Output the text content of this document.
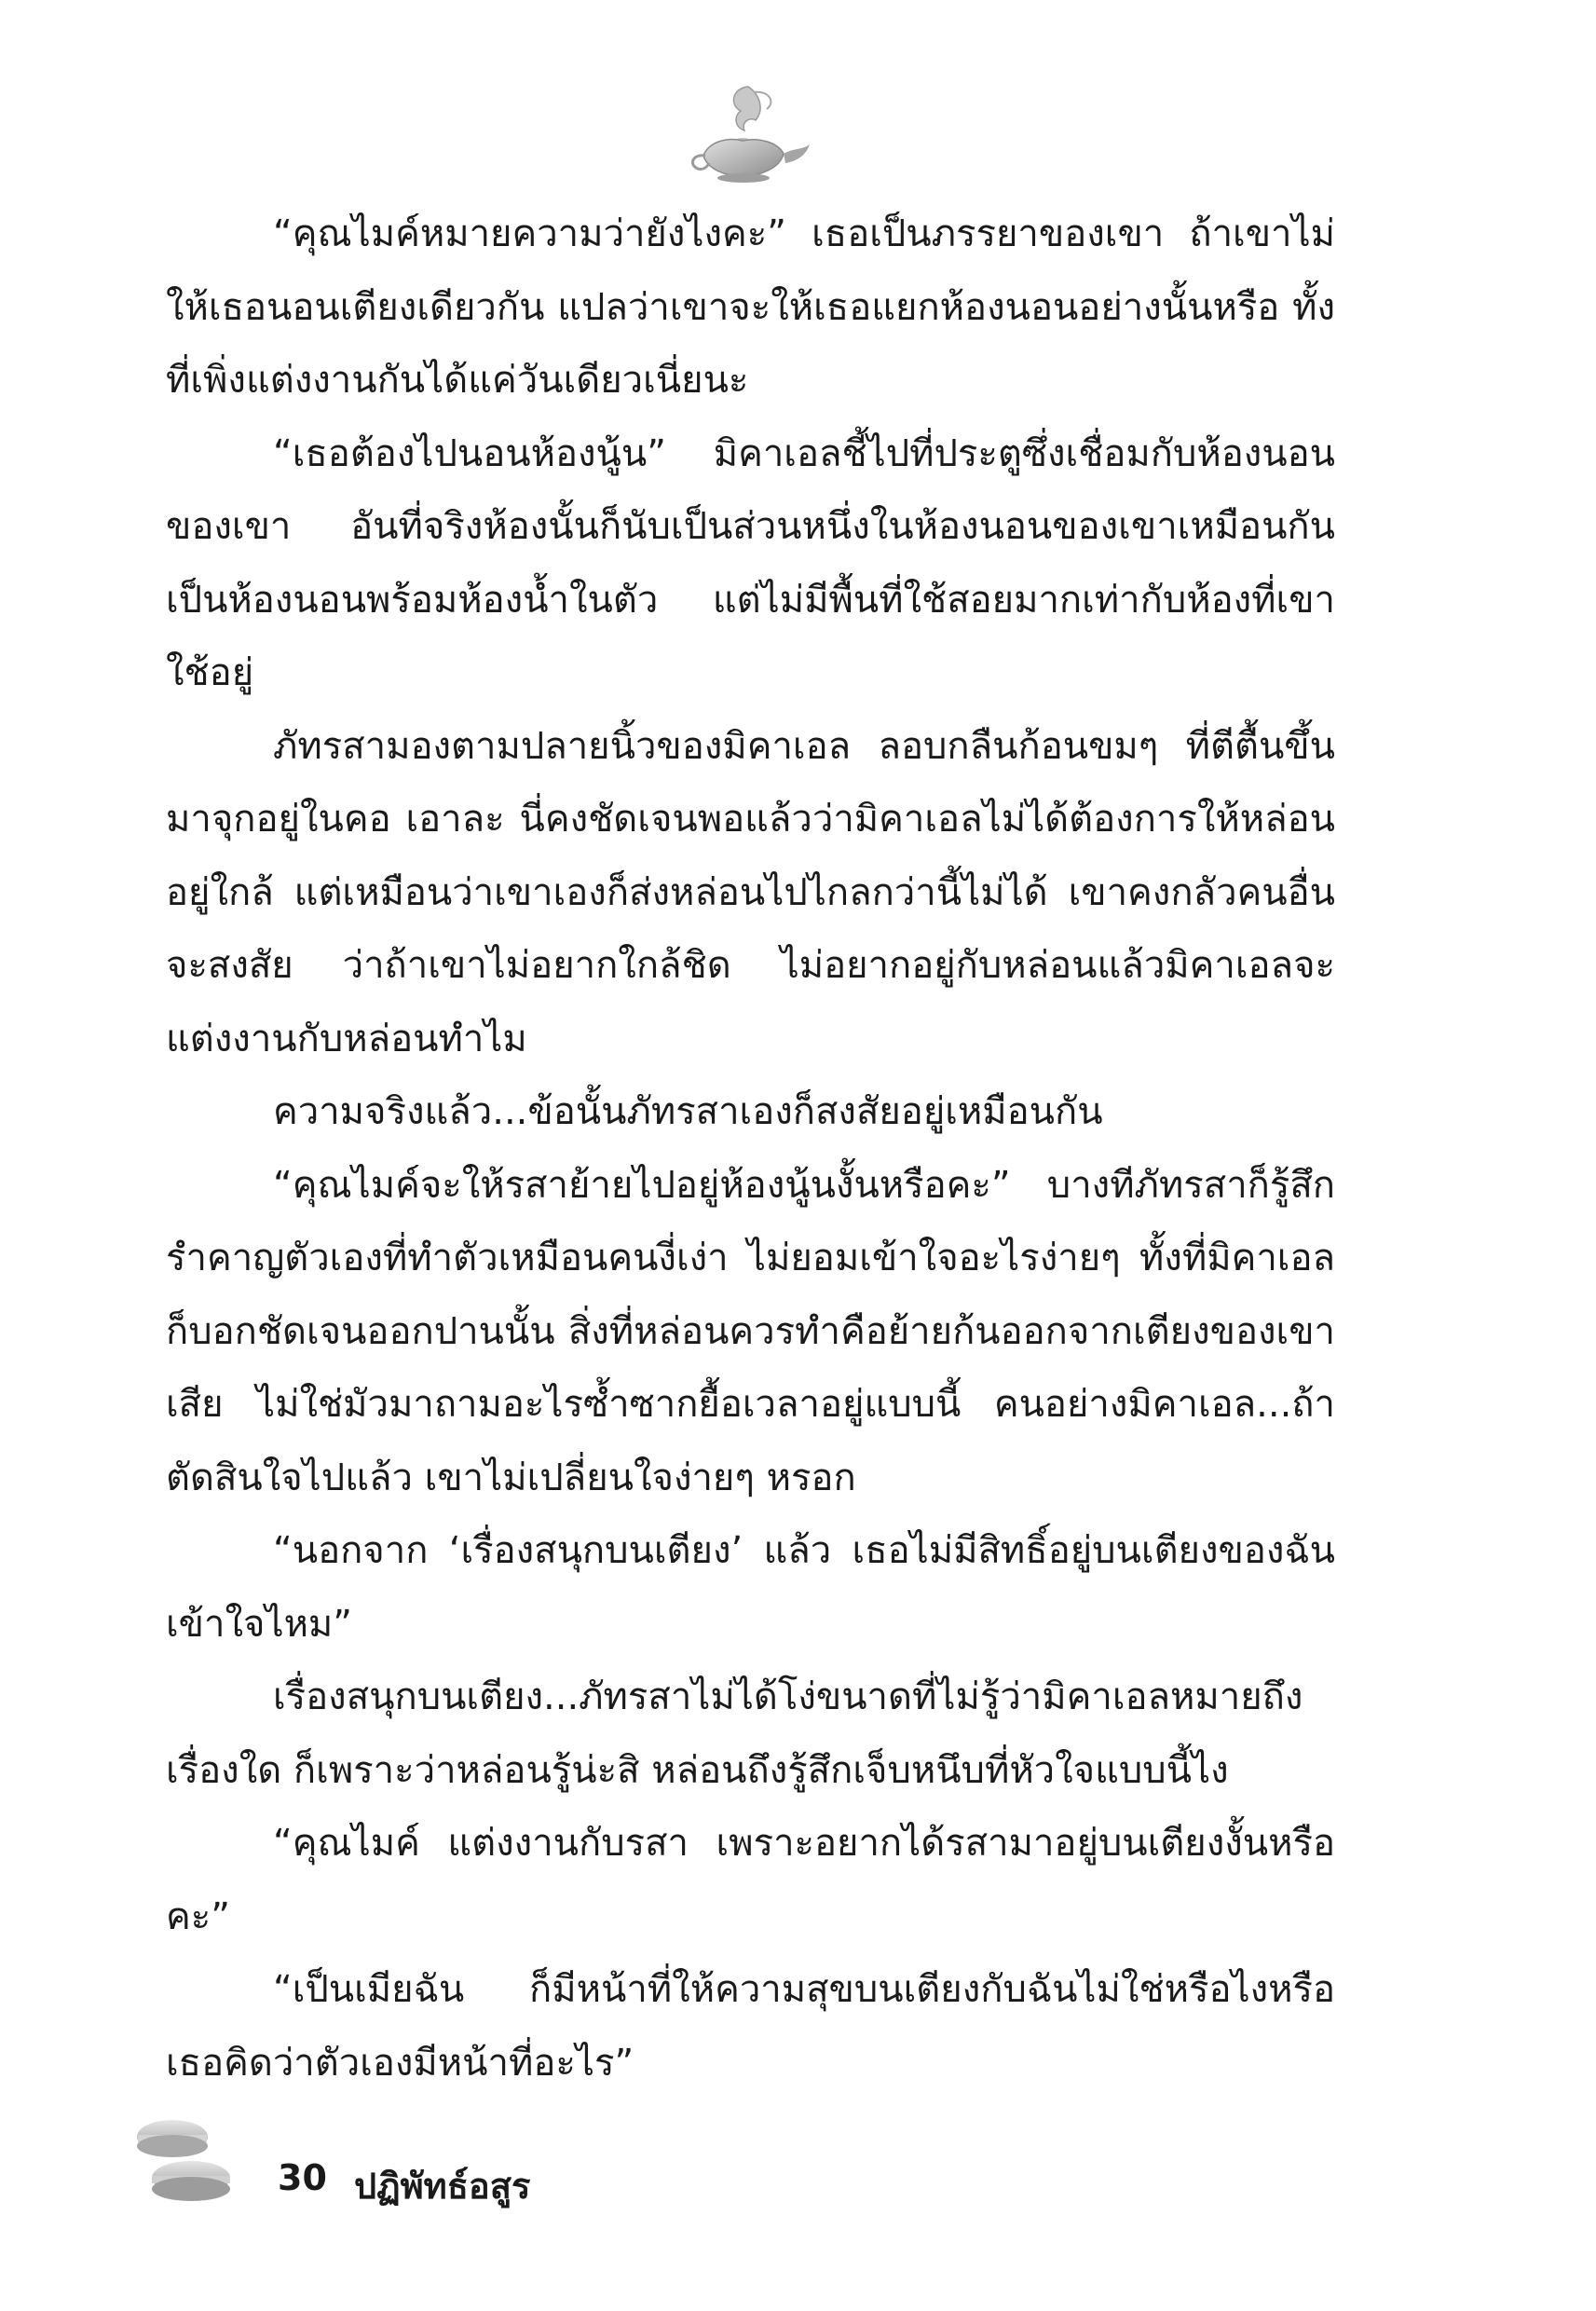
“คุณไมค์หมายความว่ายังไงคะ” เธอเป็นภรรยาของเขา ถ้าเขาไม่ให้เธอนอนเตียงเดียวกัน แปลว่าเขาจะให้เธอแยกห้องนอนอย่างนั้นหรือ ทั้งที่เพิ่งแต่งงานกันได้แค่วันเดียวเนี่ยนะ

“เธอต้องไปนอนห้องนู้น” มิคาเอลชี้ไปที่ประตูซึ่งเชื่อมกับห้องนอนของเขา อันที่จริงห้องนั้นก็นับเป็นส่วนหนึ่งในห้องนอนของเขาเหมือนกัน เป็นห้องนอนพร้อมห้องน้ำในตัว แต่ไม่มีพื้นที่ใช้สอยมากเท่ากับห้องที่เขาใช้อยู่

ภัทรสามองตามปลายนิ้วของมิคาเอล ลอบกลืนก้อนขมๆ ที่ตีตื้นขึ้นมาจุกอยู่ในคอ เอาละ นี่คงชัดเจนพอแล้วว่ามิคาเอลไม่ได้ต้องการให้หล่อนอยู่ใกล้ แต่เหมือนว่าเขาเองก็ส่งหล่อนไปไกลกว่านี้ไม่ได้ เขาคงกลัวคนอื่นจะสงสัย ว่าถ้าเขาไม่อยากใกล้ชิด ไม่อยากอยู่กับหล่อนแล้วมิคาเอลจะแต่งงานกับหล่อนทำไม

ความจริงแล้ว...ข้อนั้นภัทรสาเองก็สงสัยอยู่เหมือนกัน

“คุณไมค์จะให้รสาย้ายไปอยู่ห้องนู้นงั้นหรือคะ” บางทีภัทรสาก็รู้สึกรำคาญตัวเองที่ทำตัวเหมือนคนงี่เง่า ไม่ยอมเข้าใจอะไรง่ายๆ ทั้งที่มิคาเอลก็บอกชัดเจนออกปานนั้น สิ่งที่หล่อนควรทำคือย้ายก้นออกจากเตียงของเขาเสีย ไม่ใช่มัวมาถามอะไรซ้ำซากยื้อเวลาอยู่แบบนี้ คนอย่างมิคาเอล...ถ้าตัดสินใจไปแล้ว เขาไม่เปลี่ยนใจง่ายๆ หรอก

“นอกจาก ‘เรื่องสนุกบนเตียง’ แล้ว เธอไม่มีสิทธิ์อยู่บนเตียงของฉัน เข้าใจไหม”

เรื่องสนุกบนเตียง...ภัทรสาไม่ได้โง่ขนาดที่ไม่รู้ว่ามิคาเอลหมายถึงเรื่องใด ก็เพราะว่าหล่อนรู้น่ะสิ หล่อนถึงรู้สึกเจ็บหนึบที่หัวใจแบบนี้ไง

“คุณไมค์ แต่งงานกับรสา เพราะอยากได้รสามาอยู่บนเตียงงั้นหรือคะ”

“เป็นเมียฉัน ก็มีหน้าที่ให้ความสุขบนเตียงกับฉันไม่ใช่หรือไงหรือเธอคิดว่าตัวเองมีหน้าที่อะไร”

30 ปฏิพัทธ์อสูร
